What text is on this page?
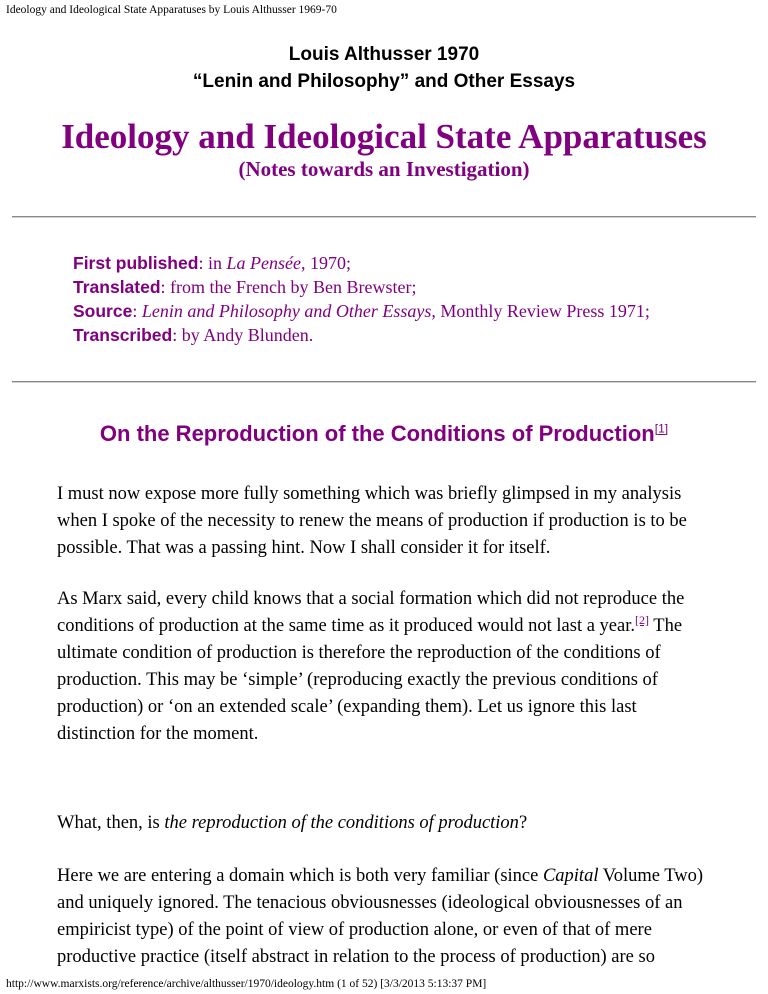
Ideology and Ideological State Apparatuses by Louis Althusser 1969-70
Louis Althusser 1970
“Lenin and Philosophy” and Other Essays
Ideology and Ideological State Apparatuses
(Notes towards an Investigation)
First published: in La Pensée, 1970;
Translated: from the French by Ben Brewster;
Source: Lenin and Philosophy and Other Essays, Monthly Review Press 1971;
Transcribed: by Andy Blunden.
On the Reproduction of the Conditions of Production[1]

I must now expose more fully something which was briefly glimpsed in my analysis when I spoke of the necessity to renew the means of production if production is to be possible. That was a passing hint. Now I shall consider it for itself.

As Marx said, every child knows that a social formation which did not reproduce the conditions of production at the same time as it produced would not last a year.[2] The ultimate condition of production is therefore the reproduction of the conditions of production. This may be ‘simple’ (reproducing exactly the previous conditions of production) or ‘on an extended scale’ (expanding them). Let us ignore this last distinction for the moment.

What, then, is the reproduction of the conditions of production?

Here we are entering a domain which is both very familiar (since Capital Volume Two) and uniquely ignored. The tenacious obviousnesses (ideological obviousnesses of an empiricist type) of the point of view of production alone, or even of that of mere productive practice (itself abstract in relation to the process of production) are so

http://www.marxists.org/reference/archive/althusser/1970/ideology.htm (1 of 52) [3/3/2013 5:13:37 PM]
